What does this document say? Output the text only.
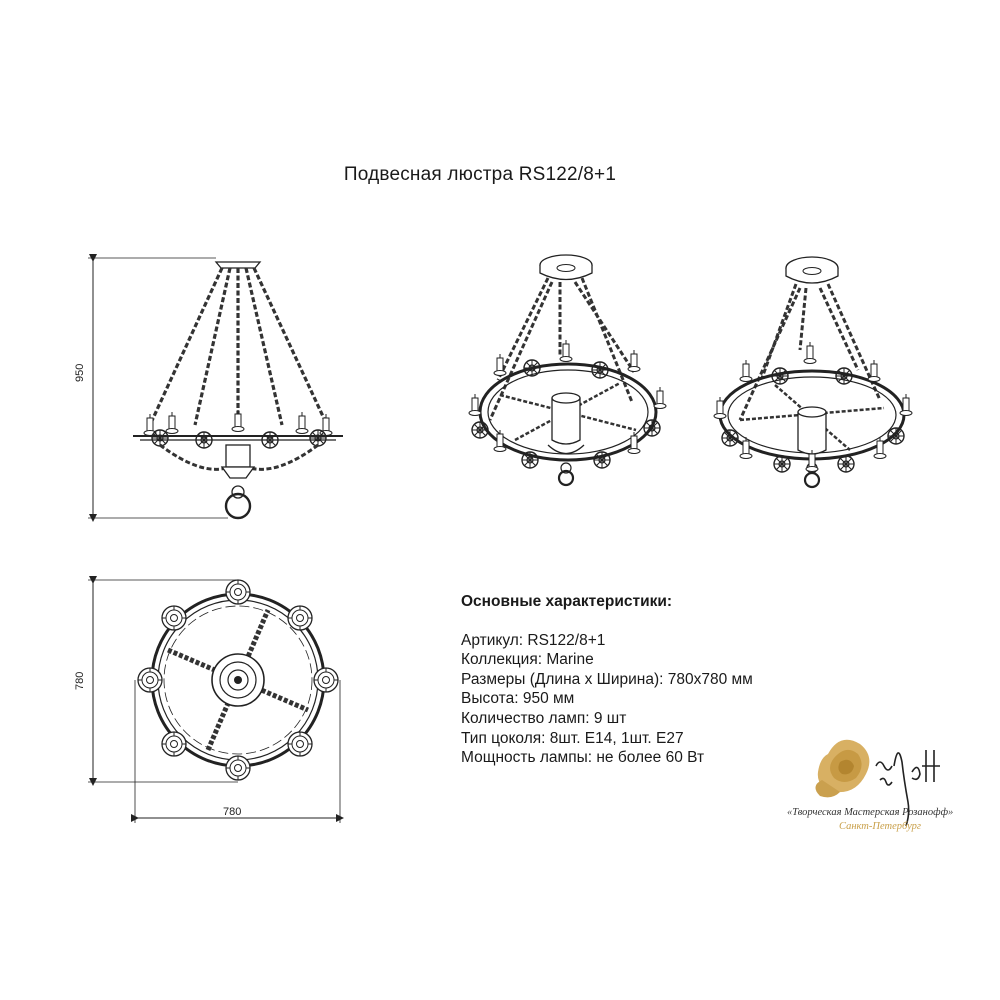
Подвесная люстра RS122/8+1
950
780
780
Основные характеристики:
Артикул: RS122/8+1
Коллекция: Marine
Размеры (Длина х Ширина): 780х780 мм
Высота: 950 мм
Количество ламп: 9 шт
Тип цоколя: 8шт. E14, 1шт. E27
Мощность лампы: не более 60 Вт
«Творческая Мастерская Розанофф»
Санкт-Петербург
